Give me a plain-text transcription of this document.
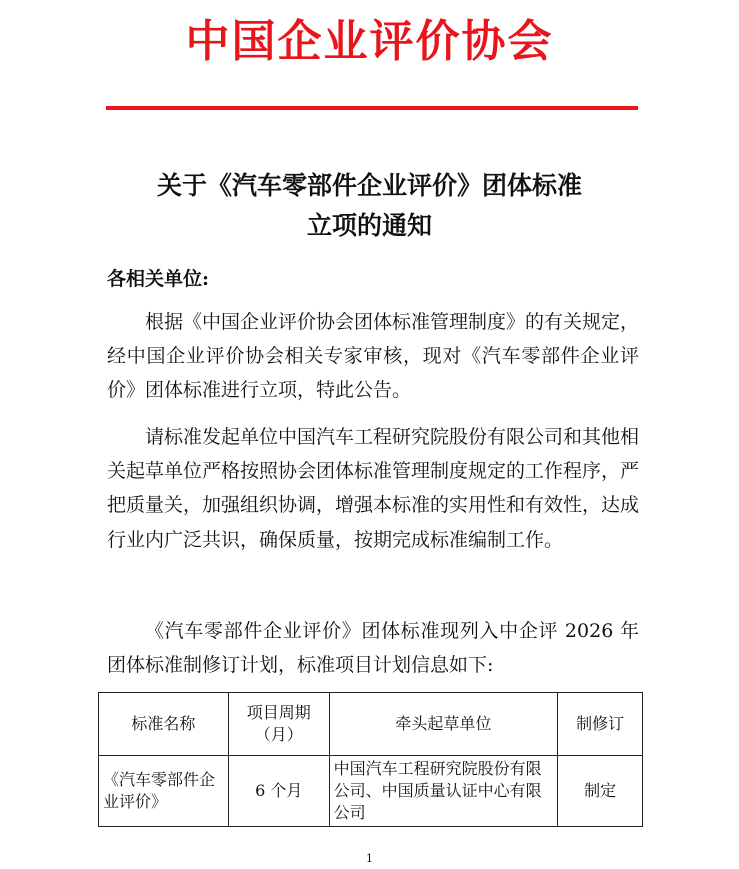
中国企业评价协会
关于《汽车零部件企业评价》团体标准
立项的通知
各相关单位:
根据《中国企业评价协会团体标准管理制度》的有关规定，经中国企业评价协会相关专家审核，现对《汽车零部件企业评价》团体标准进行立项，特此公告。
请标准发起单位中国汽车工程研究院股份有限公司和其他相关起草单位严格按照协会团体标准管理制度规定的工作程序，严把质量关，加强组织协调，增强本标准的实用性和有效性，达成行业内广泛共识，确保质量，按期完成标准编制工作。
《汽车零部件企业评价》团体标准现列入中企评 2026 年团体标准制修订计划，标准项目计划信息如下:
标准名称	项目周期（月）	牵头起草单位	制修订
《汽车零部件企业评价》	6 个月	中国汽车工程研究院股份有限公司、中国质量认证中心有限公司	制定
1
